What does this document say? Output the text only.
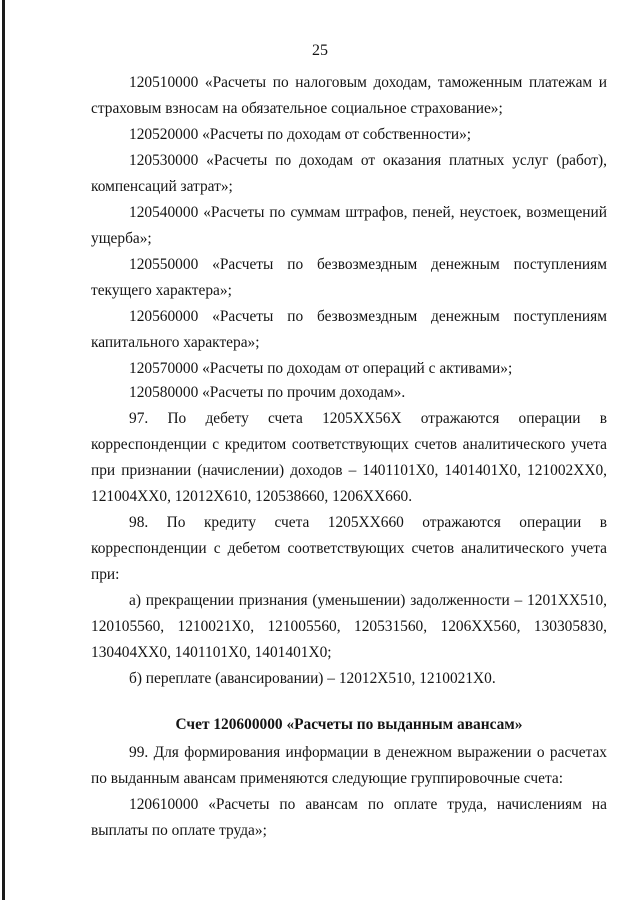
25

120510000 «Расчеты по налоговым доходам, таможенным платежам и страховым взносам на обязательное социальное страхование»;

120520000 «Расчеты по доходам от собственности»;

120530000 «Расчеты по доходам от оказания платных услуг (работ), компенсаций затрат»;

120540000 «Расчеты по суммам штрафов, пеней, неустоек, возмещений ущерба»;

120550000 «Расчеты по безвозмездным денежным поступлениям текущего характера»;

120560000 «Расчеты по безвозмездным денежным поступлениям капитального характера»;

120570000 «Расчеты по доходам от операций с активами»;

120580000 «Расчеты по прочим доходам».

97. По дебету счета 1205XX56X отражаются операции в корреспонденции с кредитом соответствующих счетов аналитического учета при признании (начислении) доходов – 1401101X0, 1401401X0, 121002XX0, 121004XX0, 12012X610, 120538660, 1206XX660.

98. По кредиту счета 1205XX660 отражаются операции в корреспонденции с дебетом соответствующих счетов аналитического учета при:

а) прекращении признания (уменьшении) задолженности – 1201XX510, 120105560, 1210021X0, 121005560, 120531560, 1206XX560, 130305830, 130404XX0, 1401101X0, 1401401X0;

б) переплате (авансировании) – 12012X510, 1210021X0.

Счет 120600000 «Расчеты по выданным авансам»

99. Для формирования информации в денежном выражении о расчетах по выданным авансам применяются следующие группировочные счета:

120610000 «Расчеты по авансам по оплате труда, начислениям на выплаты по оплате труда»;
